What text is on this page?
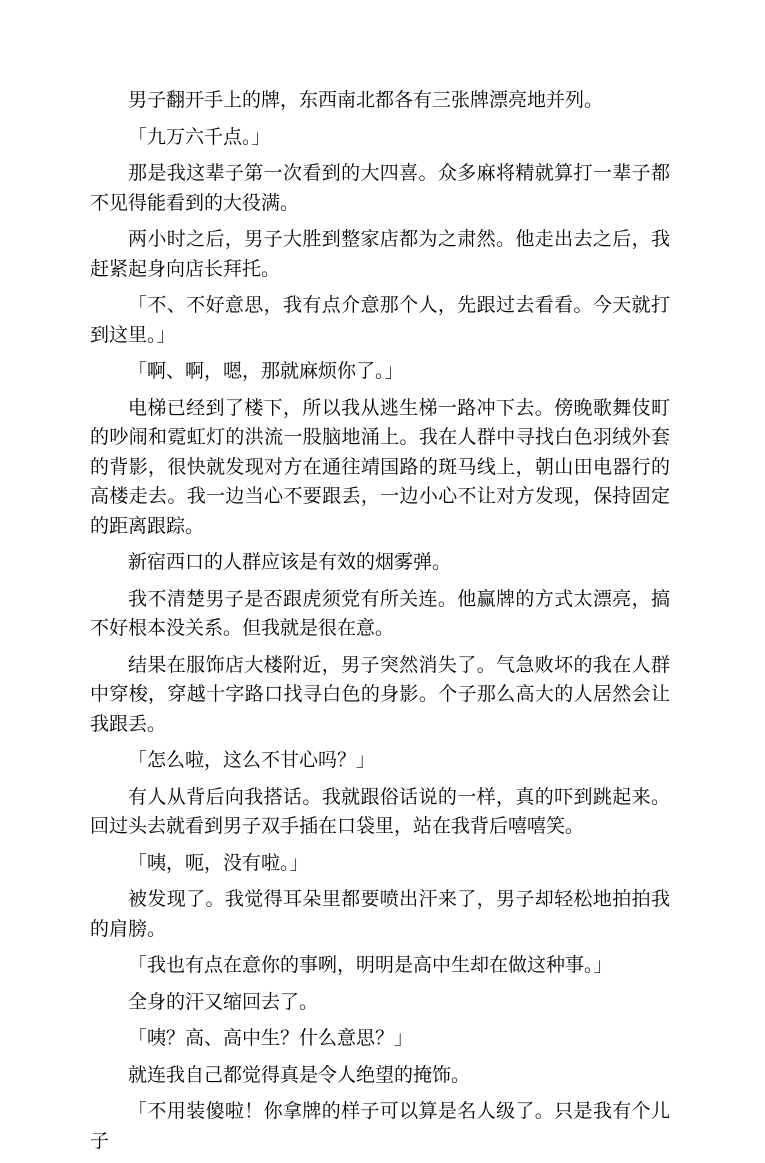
男子翻开手上的牌，东西南北都各有三张牌漂亮地并列。

「九万六千点。」

那是我这辈子第一次看到的大四喜。众多麻将精就算打一辈子都不见得能看到的大役满。

两小时之后，男子大胜到整家店都为之肃然。他走出去之后，我赶紧起身向店长拜托。

「不、不好意思，我有点介意那个人，先跟过去看看。今天就打到这里。」

「啊、啊，嗯，那就麻烦你了。」

电梯已经到了楼下，所以我从逃生梯一路冲下去。傍晚歌舞伎町的吵闹和霓虹灯的洪流一股脑地涌上。我在人群中寻找白色羽绒外套的背影，很快就发现对方在通往靖国路的斑马线上，朝山田电器行的高楼走去。我一边当心不要跟丢，一边小心不让对方发现，保持固定的距离跟踪。

新宿西口的人群应该是有效的烟雾弹。

我不清楚男子是否跟虎须党有所关连。他赢牌的方式太漂亮，搞不好根本没关系。但我就是很在意。

结果在服饰店大楼附近，男子突然消失了。气急败坏的我在人群中穿梭，穿越十字路口找寻白色的身影。个子那么高大的人居然会让我跟丢。

「怎么啦，这么不甘心吗？」

有人从背后向我搭话。我就跟俗话说的一样，真的吓到跳起来。回过头去就看到男子双手插在口袋里，站在我背后嘻嘻笑。

「咦，呃，没有啦。」

被发现了。我觉得耳朵里都要喷出汗来了，男子却轻松地拍拍我的肩膀。

「我也有点在意你的事咧，明明是高中生却在做这种事。」

全身的汗又缩回去了。

「咦？高、高中生？什么意思？」

就连我自己都觉得真是令人绝望的掩饰。

「不用装傻啦！你拿牌的样子可以算是名人级了。只是我有个儿子
